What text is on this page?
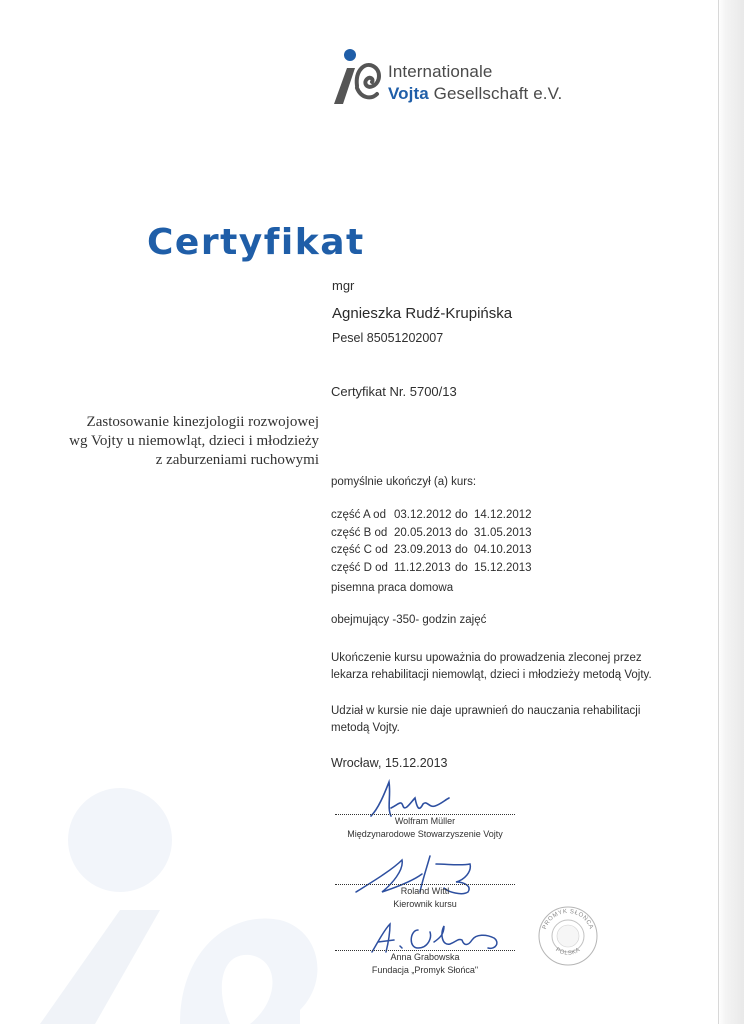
Internationale
Vojta Gesellschaft e.V.
Certyfikat
mgr
Agnieszka Rudź-Krupińska
Pesel 85051202007
Certyfikat Nr. 5700/13
Zastosowanie kinezjologii rozwojowej
wg Vojty u niemowląt, dzieci i młodzieży
z zaburzeniami ruchowymi
pomyślnie ukończył (a) kurs:
część A od 03.12.2012 do 14.12.2012
część B od 20.05.2013 do 31.05.2013
część C od 23.09.2013 do 04.10.2013
część D od 11.12.2013 do 15.12.2013
pisemna praca domowa
obejmujący -350- godzin zajęć
Ukończenie kursu upoważnia do prowadzenia zleconej przez
lekarza rehabilitacji niemowląt, dzieci i młodzieży metodą Vojty.
Udział w kursie nie daje uprawnień do nauczania rehabilitacji
metodą Vojty.
Wrocław, 15.12.2013
Wolfram Müller
Międzynarodowe Stowarzyszenie Vojty
Roland Wittl
Kierownik kursu
Anna Grabowska
Fundacja „Promyk Słońca"
PROMYK SŁOŃCA
POLSKA
